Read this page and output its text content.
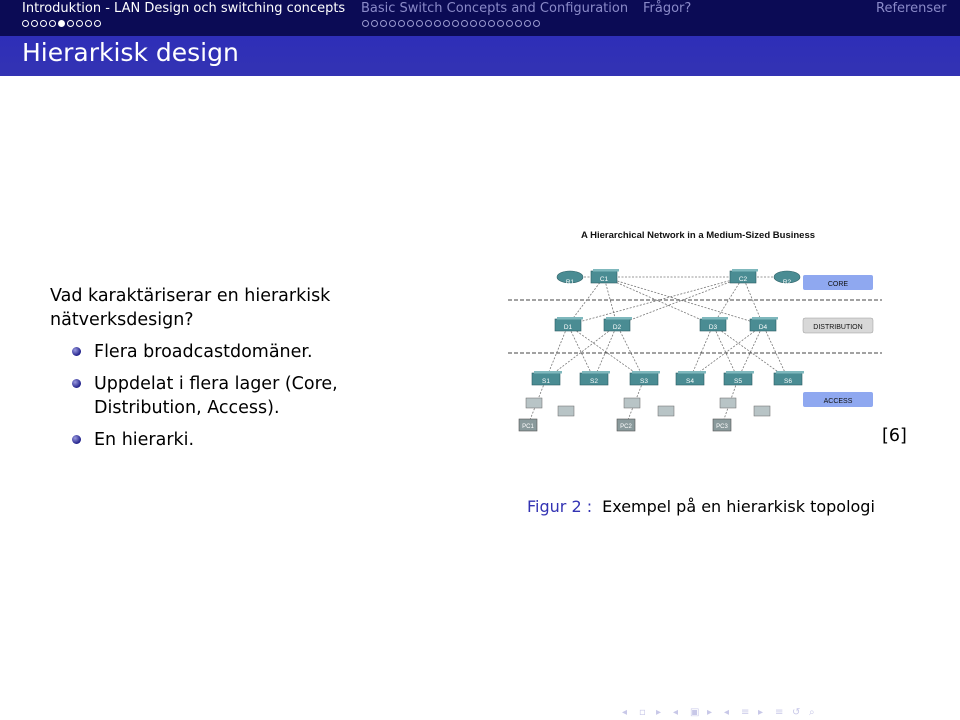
Introduktion - LAN Design och switching concepts Basic Switch Concepts and Configuration Frågor?	Referenser
Hierarkisk design
Vad karaktäriserar en hierarkisk
nätverksdesign?
Flera broadcastdomäner.
Uppdelat i flera lager (Core,
Distribution, Access).
En hierarki.
A Hierarchical Network in a Medium-Sized Business
R1	C1	C2	R2
D1	D2	D3	D4
S1	S2	S3	S4	S5	S6
PC1	PC2	PC3
CORE
DISTRIBUTION
ACCESS
[6]
Figur 2 : Exempel på en hierarkisk topologi
◂ ▫ ▸ ◂ ▣ ▸ ◂ ≡ ▸ ≡ ↺ ⌕
